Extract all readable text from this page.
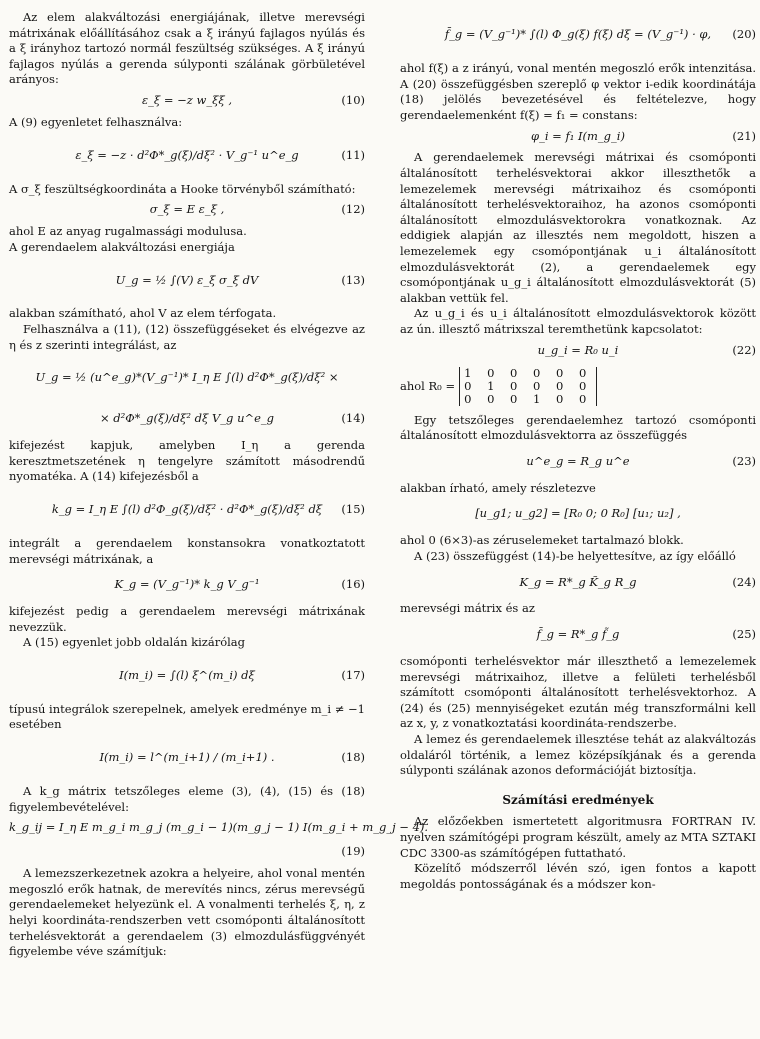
Az elem alakváltozási energiájának, illetve merevségi mátrixának előállításához csak a ξ irányú fajlagos nyúlás és a ξ irányhoz tartozó normál feszültség szükséges. A ξ irányú fajlagos nyúlás a gerenda súlyponti szálának görbületével arányos:

ε_ξ = −z w_ξξ ,	(10)

A (9) egyenletet felhasználva:

ε_ξ = −z · d²Φ*_g(ξ)/dξ² · V_g⁻¹ u^e_g	(11)

A σ_ξ feszültségkoordináta a Hooke törvényből számítható:

σ_ξ = E ε_ξ ,	(12)

ahol E az anyag rugalmassági modulusa.

A gerendaelem alakváltozási energiája

U_g = ½ ∫(V) ε_ξ σ_ξ dV	(13)

alakban számítható, ahol V az elem térfogata.

Felhasználva a (11), (12) összefüggéseket és elvégezve az η és z szerinti integrálást, az

U_g = ½ (u^e_g)*(V_g⁻¹)* I_η E ∫(l) d²Φ*_g(ξ)/dξ² ×
× d²Φ*_g(ξ)/dξ² dξ V_g u^e_g	(14)

kifejezést kapjuk, amelyben I_η a gerenda keresztmetszetének η tengelyre számított másodrendű nyomatéka. A (14) kifejezésből a

k_g = I_η E ∫(l) d²Φ_g(ξ)/dξ² · d²Φ*_g(ξ)/dξ² dξ (15)

integrált a gerendaelem konstansokra vonatkoztatott merevségi mátrixának, a

K_g = (V_g⁻¹)* k_g V_g⁻¹	(16)

kifejezést pedig a gerendaelem merevségi mátrixának nevezzük.

A (15) egyenlet jobb oldalán kizárólag

I(m_i) = ∫(l) ξ^(m_i) dξ	(17)

típusú integrálok szerepelnek, amelyek eredménye m_i ≠ −1 esetében

I(m_i) = l^(m_i+1) / (m_i+1) .	(18)

A k_g mátrix tetszőleges eleme (3), (4), (15) és (18) figyelembevételével:

k_g_ij = I_η E m_g_i m_g_j (m_g_i − 1)(m_g_j − 1) I(m_g_i + m_g_j − 4).
(19)

A lemezszerkezetnek azokra a helyeire, ahol vonal mentén megoszló erők hatnak, de merevítés nincs, zérus merevségű gerendaelemeket helyezünk el. A vonalmenti terhelés ξ, η, z helyi koordináta-rendszerben vett csomóponti általánosított terhelésvektorát a gerendaelem (3) elmozdulásfüggvényét figyelembe véve számítjuk:

f̄_g = (V_g⁻¹)* ∫(l) Φ_g(ξ) f(ξ) dξ = (V_g⁻¹) · φ, (20)

ahol f(ξ) a z irányú, vonal mentén megoszló erők intenzitása. A (20) összefüggésben szereplő φ vektor i-edik koordinátája (18) jelölés bevezetésével és feltételezve, hogy gerendaelemenként f(ξ) = f₁ = constans:

φ_i = f₁ I(m_g_i)	(21)

A gerendaelemek merevségi mátrixai és csomóponti általánosított terhelésvektorai akkor illeszthetők a lemezelemek merevségi mátrixaihoz és csomóponti általánosított terhelésvektoraihoz, ha azonos csomóponti általánosított elmozdulásvektorokra vonatkoznak. Az eddigiek alapján az illesztés nem megoldott, hiszen a lemezelemek egy csomópontjának u_i általánosított elmozdulásvektorát (2), a gerendaelemek egy csomópontjának u_g_i általánosított elmozdulásvektorát (5) alakban vettük fel.

Az u_g_i és u_i általánosított elmozdulásvektorok között az ún. illesztő mátrixszal teremthetünk kapcsolatot:

u_g_i = R₀ u_i	(22)
ahol R₀ =
1 0 0 0 0 0
0 1 0 0 0 0
0 0 0 1 0 0

Egy tetszőleges gerendaelemhez tartozó csomóponti általánosított elmozdulásvektorra az összefüggés

u^e_g = R_g u^e	(23)

alakban írható, amely részletezve

[u_g1; u_g2] = [R₀ 0; 0 R₀] [u₁; u₂] ,

ahol 0 (6×3)-as zéruselemeket tartalmazó blokk.

A (23) összefüggést (14)-be helyettesítve, az így előálló

K_g = R*_g K̃_g R_g	(24)

merevségi mátrix és az

f̄_g = R*_g f̃_g	(25)

csomóponti terhelésvektor már illeszthető a lemezelemek merevségi mátrixaihoz, illetve a felületi terhelésből számított csomóponti általánosított terhelésvektorhoz. A (24) és (25) mennyiségeket ezután még transzformálni kell az x, y, z vonatkoztatási koordináta-rendszerbe.

A lemez és gerendaelemek illesztése tehát az alakváltozás oldaláról történik, a lemez középsíkjának és a gerenda súlyponti szálának azonos deformációját biztosítja.

Számítási eredmények

Az előzőekben ismertetett algoritmusra FORTRAN IV. nyelven számítógépi program készült, amely az MTA SZTAKI CDC 3300-as számítógépen futtatható.

Közelítő módszerről lévén szó, igen fontos a kapott megoldás pontosságának és a módszer kon-
